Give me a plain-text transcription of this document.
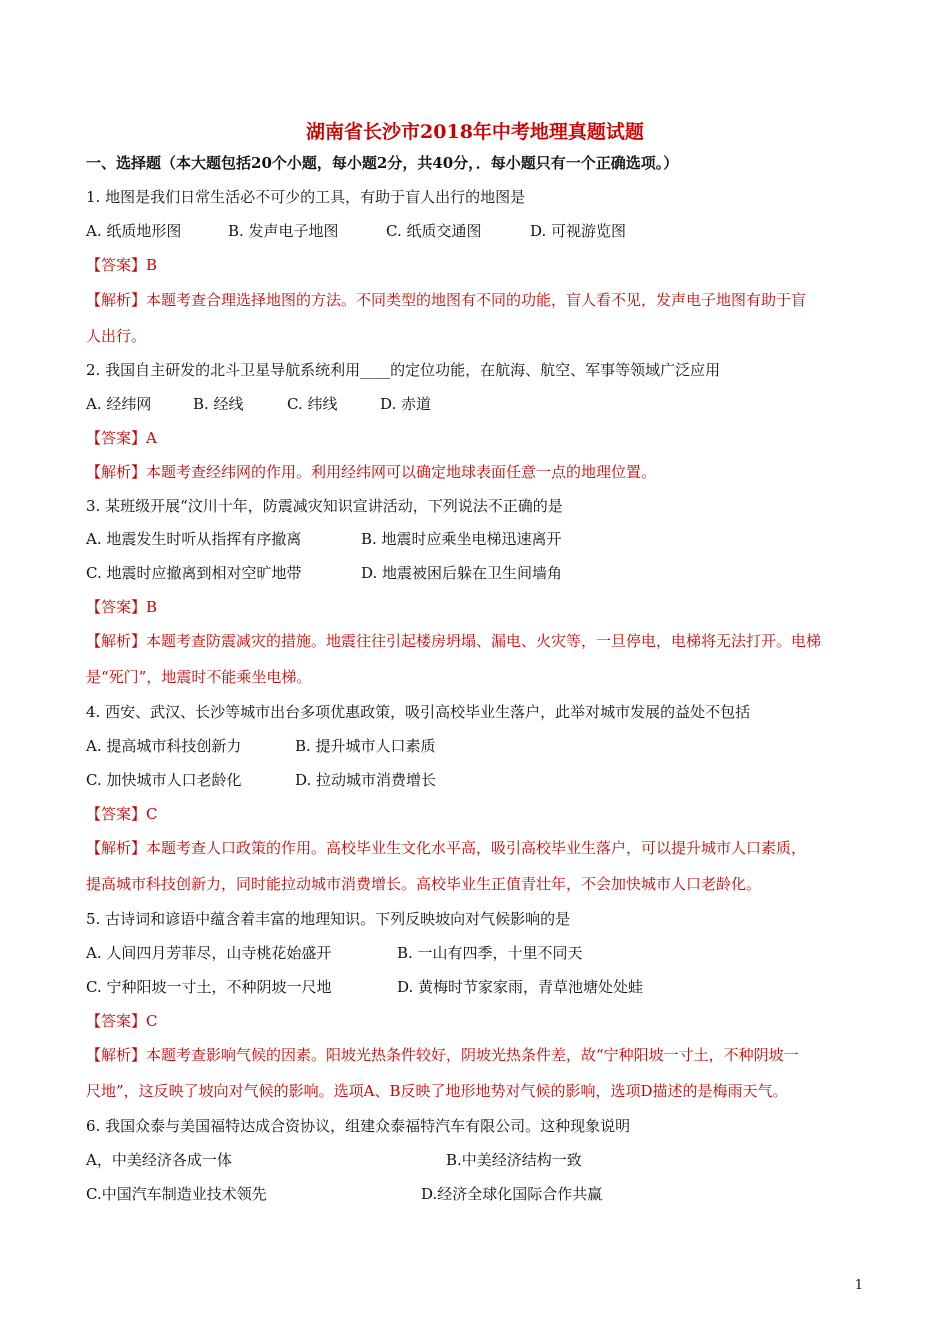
湖南省长沙市2018年中考地理真题试题
一、选择题（本大题包括20个小题，每小题2分，共40分，．每小题只有一个正确选项。）
1. 地图是我们日常生活必不可少的工具，有助于盲人出行的地图是
A. 纸质地形图	B. 发声电子地图	C. 纸质交通图	D. 可视游览图
【答案】B
【解析】本题考查合理选择地图的方法。不同类型的地图有不同的功能，盲人看不见，发声电子地图有助于盲
人出行。
2. 我国自主研发的北斗卫星导航系统利用____的定位功能，在航海、航空、军事等领域广泛应用
A. 经纬网	B. 经线	C. 纬线	D. 赤道
【答案】A
【解析】本题考查经纬网的作用。利用经纬网可以确定地球表面任意一点的地理位置。
3. 某班级开展“汶川十年，防震减灾知识宣讲活动，下列说法不正确的是
A. 地震发生时听从指挥有序撤离	B. 地震时应乘坐电梯迅速离开
C. 地震时应撤离到相对空旷地带	D. 地震被困后躲在卫生间墙角
【答案】B
【解析】本题考查防震减灾的措施。地震往往引起楼房坍塌、漏电、火灾等，一旦停电，电梯将无法打开。电梯
是“死门”，地震时不能乘坐电梯。
4. 西安、武汉、长沙等城市出台多项优惠政策，吸引高校毕业生落户，此举对城市发展的益处不包括
A. 提高城市科技创新力	B. 提升城市人口素质
C. 加快城市人口老龄化	D. 拉动城市消费增长
【答案】C
【解析】本题考查人口政策的作用。高校毕业生文化水平高，吸引高校毕业生落户，可以提升城市人口素质，
提高城市科技创新力，同时能拉动城市消费增长。高校毕业生正值青壮年，不会加快城市人口老龄化。
5. 古诗词和谚语中蕴含着丰富的地理知识。下列反映坡向对气候影响的是
A. 人间四月芳菲尽，山寺桃花始盛开	B. 一山有四季，十里不同天
C. 宁种阳坡一寸土，不种阴坡一尺地	D. 黄梅时节家家雨，青草池塘处处蛙
【答案】C
【解析】本题考查影响气候的因素。阳坡光热条件较好，阴坡光热条件差，故“宁种阳坡一寸土，不种阴坡一
尺地”，这反映了坡向对气候的影响。选项A、B反映了地形地势对气候的影响，选项D描述的是梅雨天气。
6. 我国众泰与美国福特达成合资协议，组建众泰福特汽车有限公司。这种现象说明
A，中美经济各成一体	B.中美经济结构一致
C.中国汽车制造业技术领先	D.经济全球化国际合作共赢
1
